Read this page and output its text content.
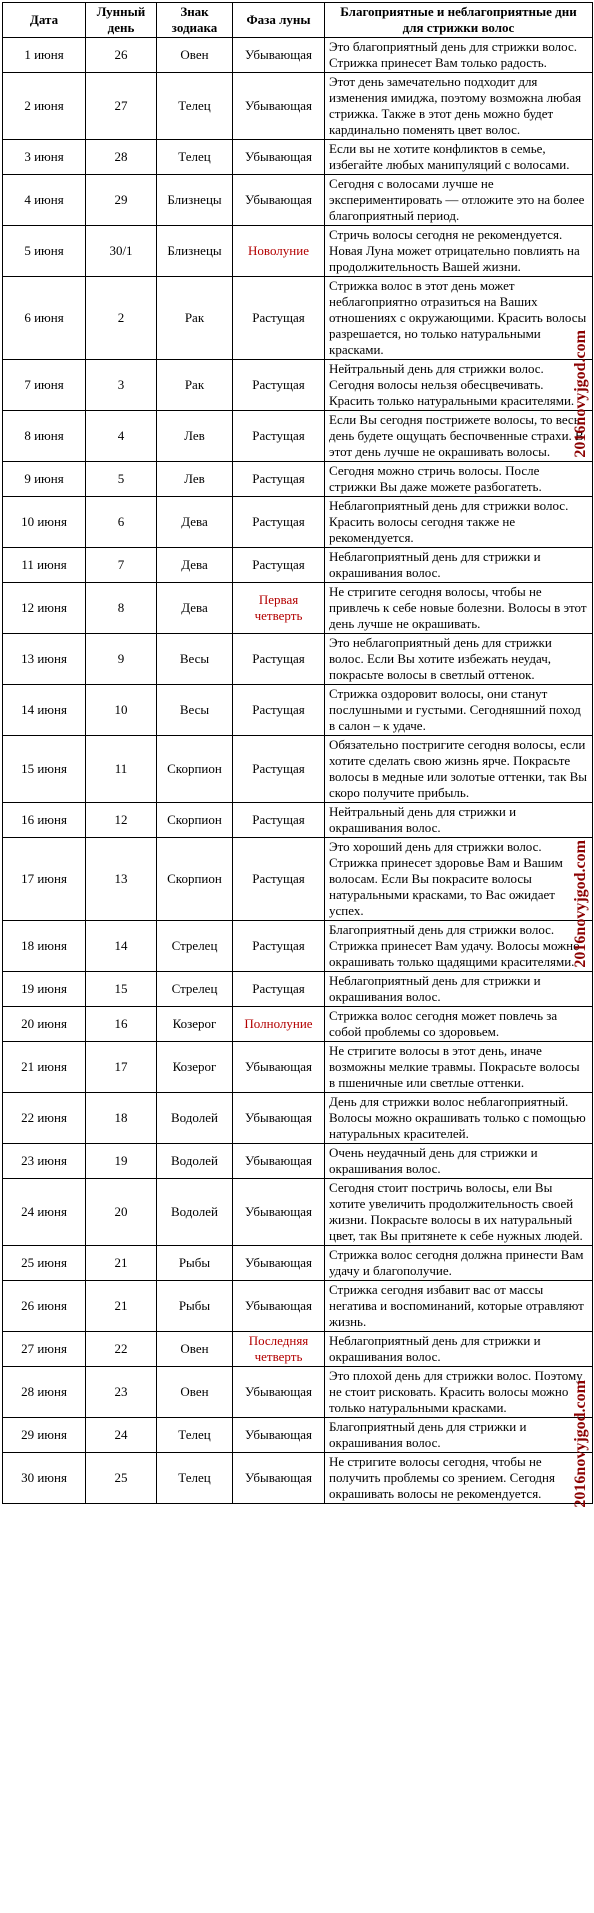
Дата	Лунный день	Знак зодиака	Фаза луны	Благоприятные и неблагоприятные дни для стрижки волос
1 июня	26	Овен	Убывающая	Это благоприятный день для стрижки волос. Стрижка принесет Вам только радость.
2 июня	27	Телец	Убывающая	Этот день замечательно подходит для изменения имиджа, поэтому возможна любая стрижка. Также в этот день можно будет кардинально поменять цвет волос.
3 июня	28	Телец	Убывающая	Если вы не хотите конфликтов в семье, избегайте любых манипуляций с волосами.
4 июня	29	Близнецы	Убывающая	Сегодня с волосами лучше не экспериментировать — отложите это на более благоприятный период.
5 июня	30/1	Близнецы	Новолуние	Стричь волосы сегодня не рекомендуется. Новая Луна может отрицательно повлиять на продолжительность Вашей жизни.
6 июня	2	Рак	Растущая	Стрижка волос в этот день может неблагоприятно отразиться на Ваших отношениях с окружающими. Красить волосы разрешается, но только натуральными красками.
7 июня	3	Рак	Растущая	Нейтральный день для стрижки волос. Сегодня волосы нельзя обесцвечивать. Красить только натуральными красителями.
8 июня	4	Лев	Растущая	Если Вы сегодня пострижете волосы, то весь день будете ощущать беспочвенные страхи. В этот день лучше не окрашивать волосы.
9 июня	5	Лев	Растущая	Сегодня можно стричь волосы. После стрижки Вы даже можете разбогатеть.
10 июня	6	Дева	Растущая	Неблагоприятный день для стрижки волос. Красить волосы сегодня также не рекомендуется.
11 июня	7	Дева	Растущая	Неблагоприятный день для стрижки и окрашивания волос.
12 июня	8	Дева	Первая четверть	Не стригите сегодня волосы, чтобы не привлечь к себе новые болезни. Волосы в этот день лучше не окрашивать.
13 июня	9	Весы	Растущая	Это неблагоприятный день для стрижки волос. Если Вы хотите избежать неудач, покрасьте волосы в светлый оттенок.
14 июня	10	Весы	Растущая	Стрижка оздоровит волосы, они станут послушными и густыми. Сегодняшний поход в салон – к удаче.
15 июня	11	Скорпион	Растущая	Обязательно постригите сегодня волосы, если хотите сделать свою жизнь ярче. Покрасьте волосы в медные или золотые оттенки, так Вы скоро получите прибыль.
16 июня	12	Скорпион	Растущая	Нейтральный день для стрижки и окрашивания волос.
17 июня	13	Скорпион	Растущая	Это хороший день для стрижки волос. Стрижка принесет здоровье Вам и Вашим волосам. Если Вы покрасите волосы натуральными красками, то Вас ожидает успех.
18 июня	14	Стрелец	Растущая	Благоприятный день для стрижки волос. Стрижка принесет Вам удачу. Волосы можно окрашивать только щадящими красителями.
19 июня	15	Стрелец	Растущая	Неблагоприятный день для стрижки и окрашивания волос.
20 июня	16	Козерог	Полнолуние	Стрижка волос сегодня может повлечь за собой проблемы со здоровьем.
21 июня	17	Козерог	Убывающая	Не стригите волосы в этот день, иначе возможны мелкие травмы. Покрасьте волосы в пшеничные или светлые оттенки.
22 июня	18	Водолей	Убывающая	День для стрижки волос неблагоприятный. Волосы можно окрашивать только с помощью натуральных красителей.
23 июня	19	Водолей	Убывающая	Очень неудачный день для стрижки и окрашивания волос.
24 июня	20	Водолей	Убывающая	Сегодня стоит постричь волосы, ели Вы хотите увеличить продолжительность своей жизни. Покрасьте волосы в их натуральный цвет, так Вы притянете к себе нужных людей.
25 июня	21	Рыбы	Убывающая	Стрижка волос сегодня должна принести Вам удачу и благополучие.
26 июня	21	Рыбы	Убывающая	Стрижка сегодня избавит вас от массы негатива и воспоминаний, которые отравляют жизнь.
27 июня	22	Овен	Последняя четверть	Неблагоприятный день для стрижки и окрашивания волос.
28 июня	23	Овен	Убывающая	Это плохой день для стрижки волос. Поэтому не стоит рисковать. Красить волосы можно только натуральными красками.
29 июня	24	Телец	Убывающая	Благоприятный день для стрижки и окрашивания волос.
30 июня	25	Телец	Убывающая	Не стригите волосы сегодня, чтобы не получить проблемы со зрением. Сегодня окрашивать волосы не рекомендуется.
2016novyjgod.com
2016novyjgod.com
2016novyjgod.com
